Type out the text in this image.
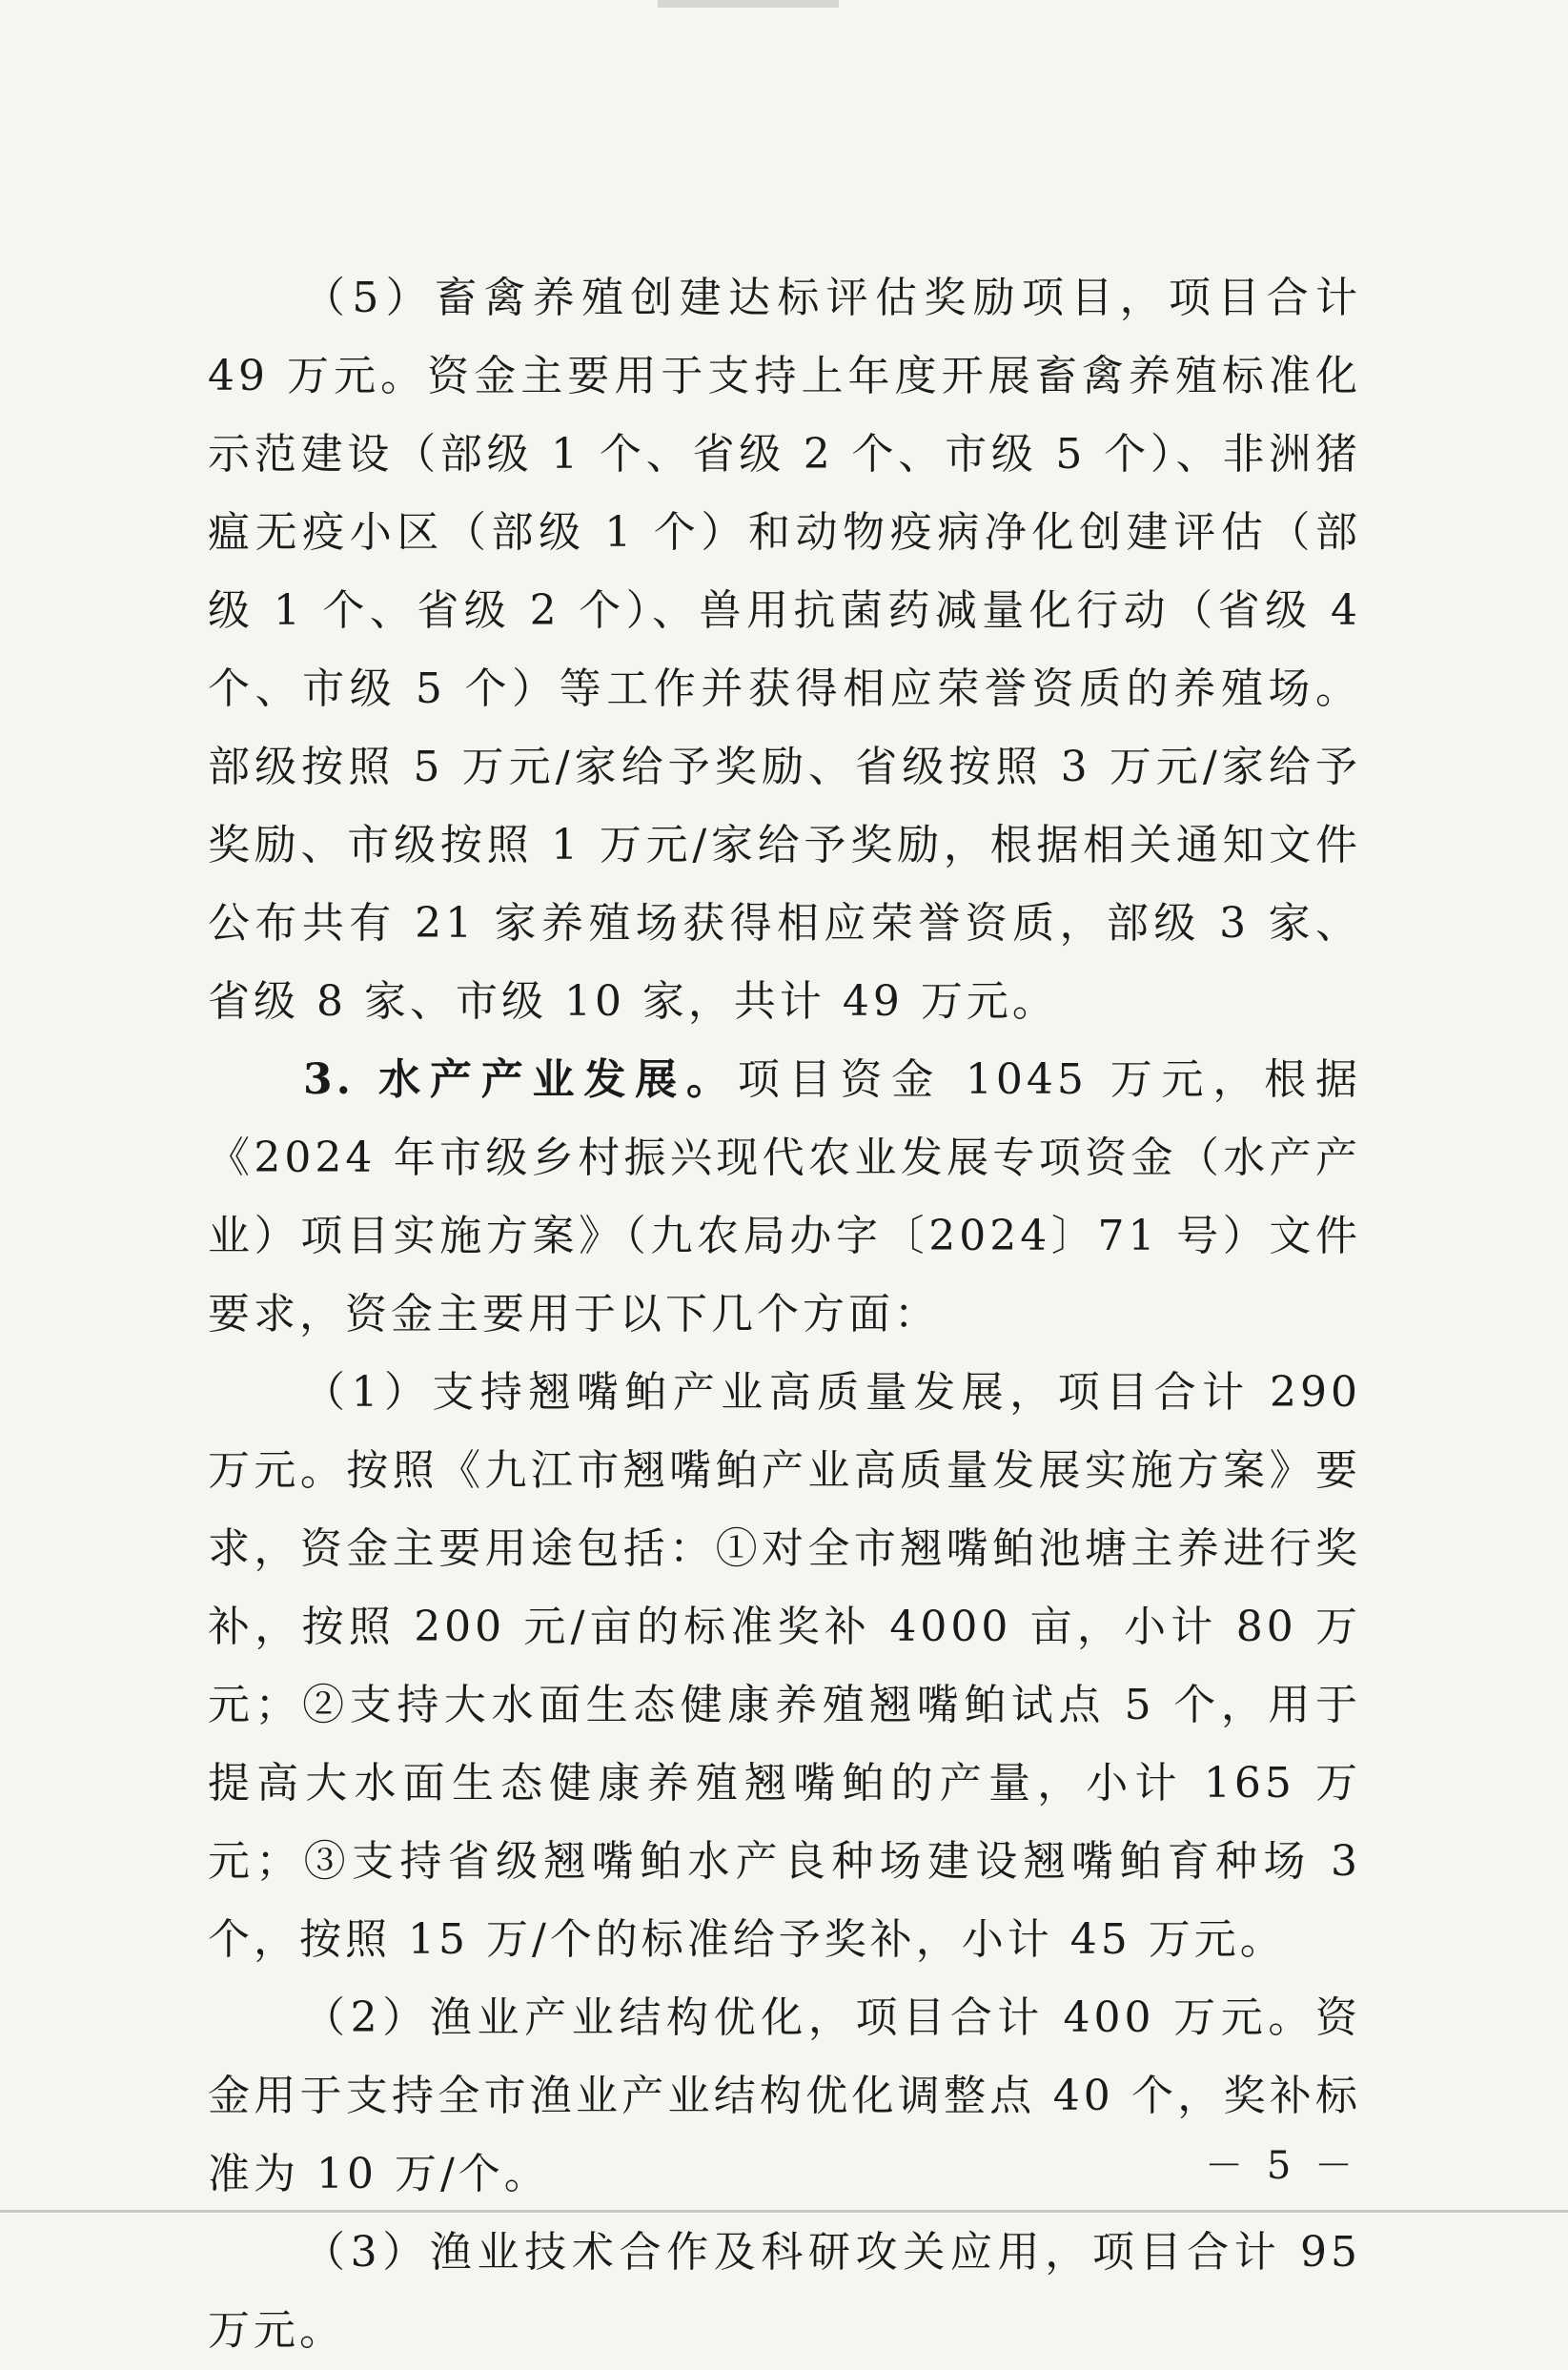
（5）畜禽养殖创建达标评估奖励项目，项目合计 49 万元。资金主要用于支持上年度开展畜禽养殖标准化示范建设（部级 1 个、省级 2 个、市级 5 个）、非洲猪瘟无疫小区（部级 1 个）和动物疫病净化创建评估（部级 1 个、省级 2 个）、兽用抗菌药减量化行动（省级 4 个、市级 5 个）等工作并获得相应荣誉资质的养殖场。部级按照 5 万元/家给予奖励、省级按照 3 万元/家给予奖励、市级按照 1 万元/家给予奖励，根据相关通知文件公布共有 21 家养殖场获得相应荣誉资质，部级 3 家、省级 8 家、市级 10 家，共计 49 万元。

3. 水产产业发展。项目资金 1045 万元，根据《2024 年市级乡村振兴现代农业发展专项资金（水产产业）项目实施方案》（九农局办字〔2024〕71 号）文件要求，资金主要用于以下几个方面：

（1）支持翘嘴鲌产业高质量发展，项目合计 290 万元。按照《九江市翘嘴鲌产业高质量发展实施方案》要求，资金主要用途包括：①对全市翘嘴鲌池塘主养进行奖补，按照 200 元/亩的标准奖补 4000 亩，小计 80 万元；②支持大水面生态健康养殖翘嘴鲌试点 5 个，用于提高大水面生态健康养殖翘嘴鲌的产量，小计 165 万元；③支持省级翘嘴鲌水产良种场建设翘嘴鲌育种场 3 个，按照 15 万/个的标准给予奖补，小计 45 万元。

（2）渔业产业结构优化，项目合计 400 万元。资金用于支持全市渔业产业结构优化调整点 40 个，奖补标准为 10 万/个。

（3）渔业技术合作及科研攻关应用，项目合计 95 万元。

－ 5 －
